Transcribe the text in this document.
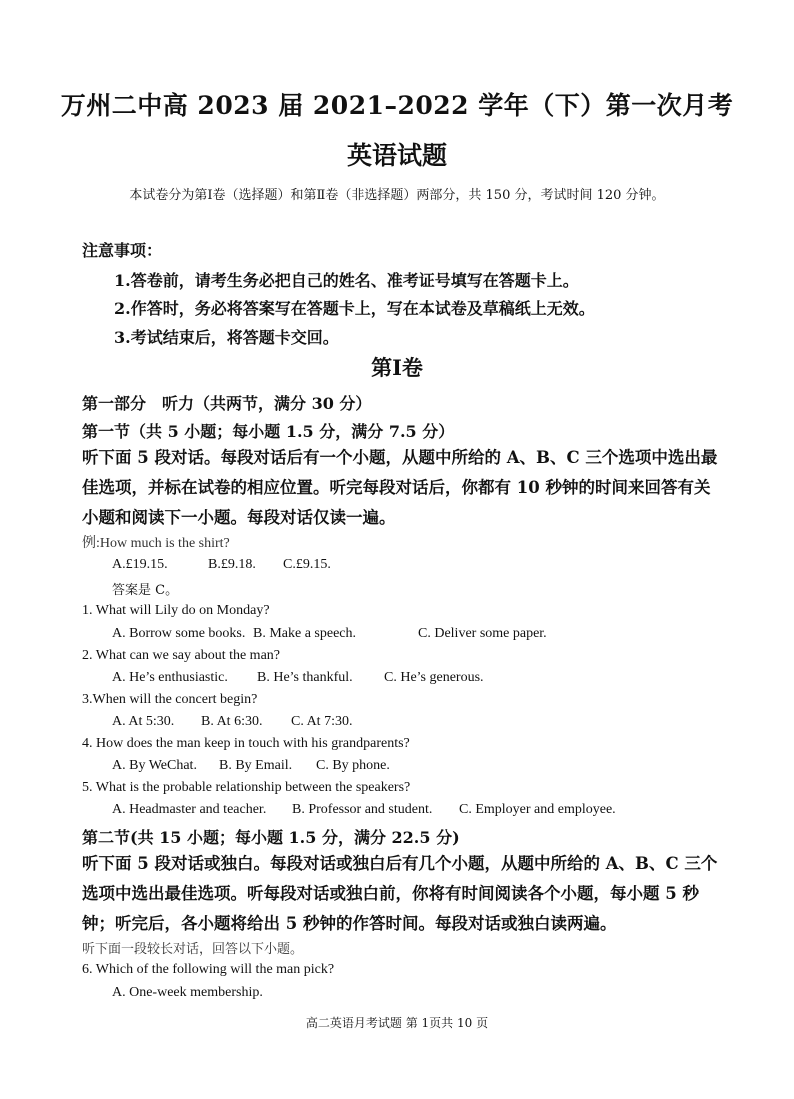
万州二中高 2023 届 2021–2022 学年（下）第一次月考
英语试题
本试卷分为第Ⅰ卷（选择题）和第Ⅱ卷（非选择题）两部分，共 150 分，考试时间 120 分钟。
注意事项：
1.答卷前，请考生务必把自己的姓名、准考证号填写在答题卡上。
2.作答时，务必将答案写在答题卡上，写在本试卷及草稿纸上无效。
3.考试结束后，将答题卡交回。
第Ⅰ卷
第一部分　听力（共两节，满分 30 分）
第一节（共 5 小题；每小题 1.5 分，满分 7.5 分）
听下面 5 段对话。每段对话后有一个小题，从题中所给的 A、B、C 三个选项中选出最佳选项，并标在试卷的相应位置。听完每段对话后，你都有 10 秒钟的时间来回答有关小题和阅读下一小题。每段对话仅读一遍。
例:How much is the shirt?
A.£19.15.	B.£9.18. C.£9.15.
答案是 C。
1. What will Lily do on Monday?
A. Borrow some books. B. Make a speech.	C. Deliver some paper.
2. What can we say about the man?
A. He’s enthusiastic. B. He’s thankful. C. He’s generous.
3.When will the concert begin?
A. At 5:30. B. At 6:30. C. At 7:30.
4. How does the man keep in touch with his grandparents?
A. By WeChat. B. By Email. C. By phone.
5. What is the probable relationship between the speakers?
A. Headmaster and teacher. B. Professor and student. C. Employer and employee.
第二节(共 15 小题；每小题 1.5 分，满分 22.5 分)
听下面 5 段对话或独白。每段对话或独白后有几个小题，从题中所给的 A、B、C 三个选项中选出最佳选项。听每段对话或独白前，你将有时间阅读各个小题，每小题 5 秒钟；听完后，各小题将给出 5 秒钟的作答时间。每段对话或独白读两遍。
听下面一段较长对话，回答以下小题。
6. Which of the following will the man pick?
A. One-week membership.
高二英语月考试题 第 1页共 10 页
